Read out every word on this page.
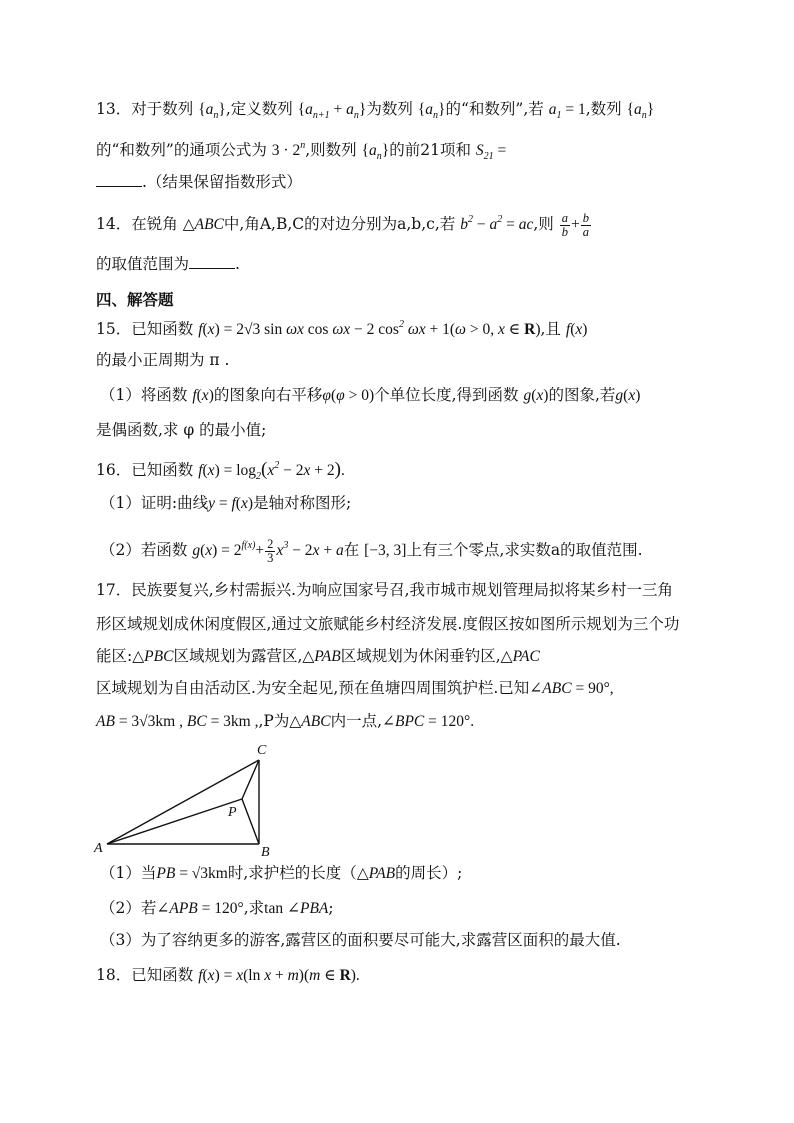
13．对于数列 $\{a_n\}$,定义数列 $\{a_{n+1} + a_n\}$为数列 $\{a_n\}$的“和数列”,若 $a_1 = 1$,数列 $\{a_n\}$
的“和数列”的通项公式为 $3 \cdot 2^n$,则数列 $\{a_n\}$的前21项和 $S_{21}$ =
.（结果保留指数形式）
14．在锐角 △ABC中,角A,B,C的对边分别为a,b,c,若 $b^2 - a^2$ = ac,则 $\frac{a}{b} + \frac{b}{a}$
的取值范围为	.
四、解答题
15．已知函数 f(x) = 2√3 sin ωx cos ωx − 2 $\cos^2 \omega x + 1(\omega > 0$, x ∈ R),且 f(x)
的最小正周期为 π .
（1）将函数 f(x)的图象向右平移φ(φ > 0)个单位长度,得到函数 g(x)的图象,若g(x)
是偶函数,求 φ 的最小值;
16．已知函数 $f(x) = \log_2(x^2 - 2x + 2)$.
（1）证明:曲线y = f(x)是轴对称图形;
（2）若函数 $g(x) = 2^{f(x)}+ \frac{2}{3} x^3 - 2x + a$在 [−3, 3]上有三个零点,求实数a的取值范围.
17．民族要复兴,乡村需振兴.为响应国家号召,我市城市规划管理局拟将某乡村一三角
形区域规划成休闲度假区,通过文旅赋能乡村经济发展.度假区按如图所示规划为三个功
能区:△PBC区域规划为露营区,△PAB区域规划为休闲垂钓区,△PAC
区域规划为自由活动区.为安全起见,预在鱼塘四周围筑护栏.已知∠ABC = 90°,
AB = 3√3km , BC = 3km ,,P为△ABC内一点,∠BPC = 120°.
A	B
C
P
（1）当PB = √3km时,求护栏的长度（△PAB的周长）;
（2）若∠APB = 120°,求tan ∠PBA;
（3）为了容纳更多的游客,露营区的面积要尽可能大,求露营区面积的最大值.
18．已知函数 f(x) = x(ln x + m)(m ∈ R).
